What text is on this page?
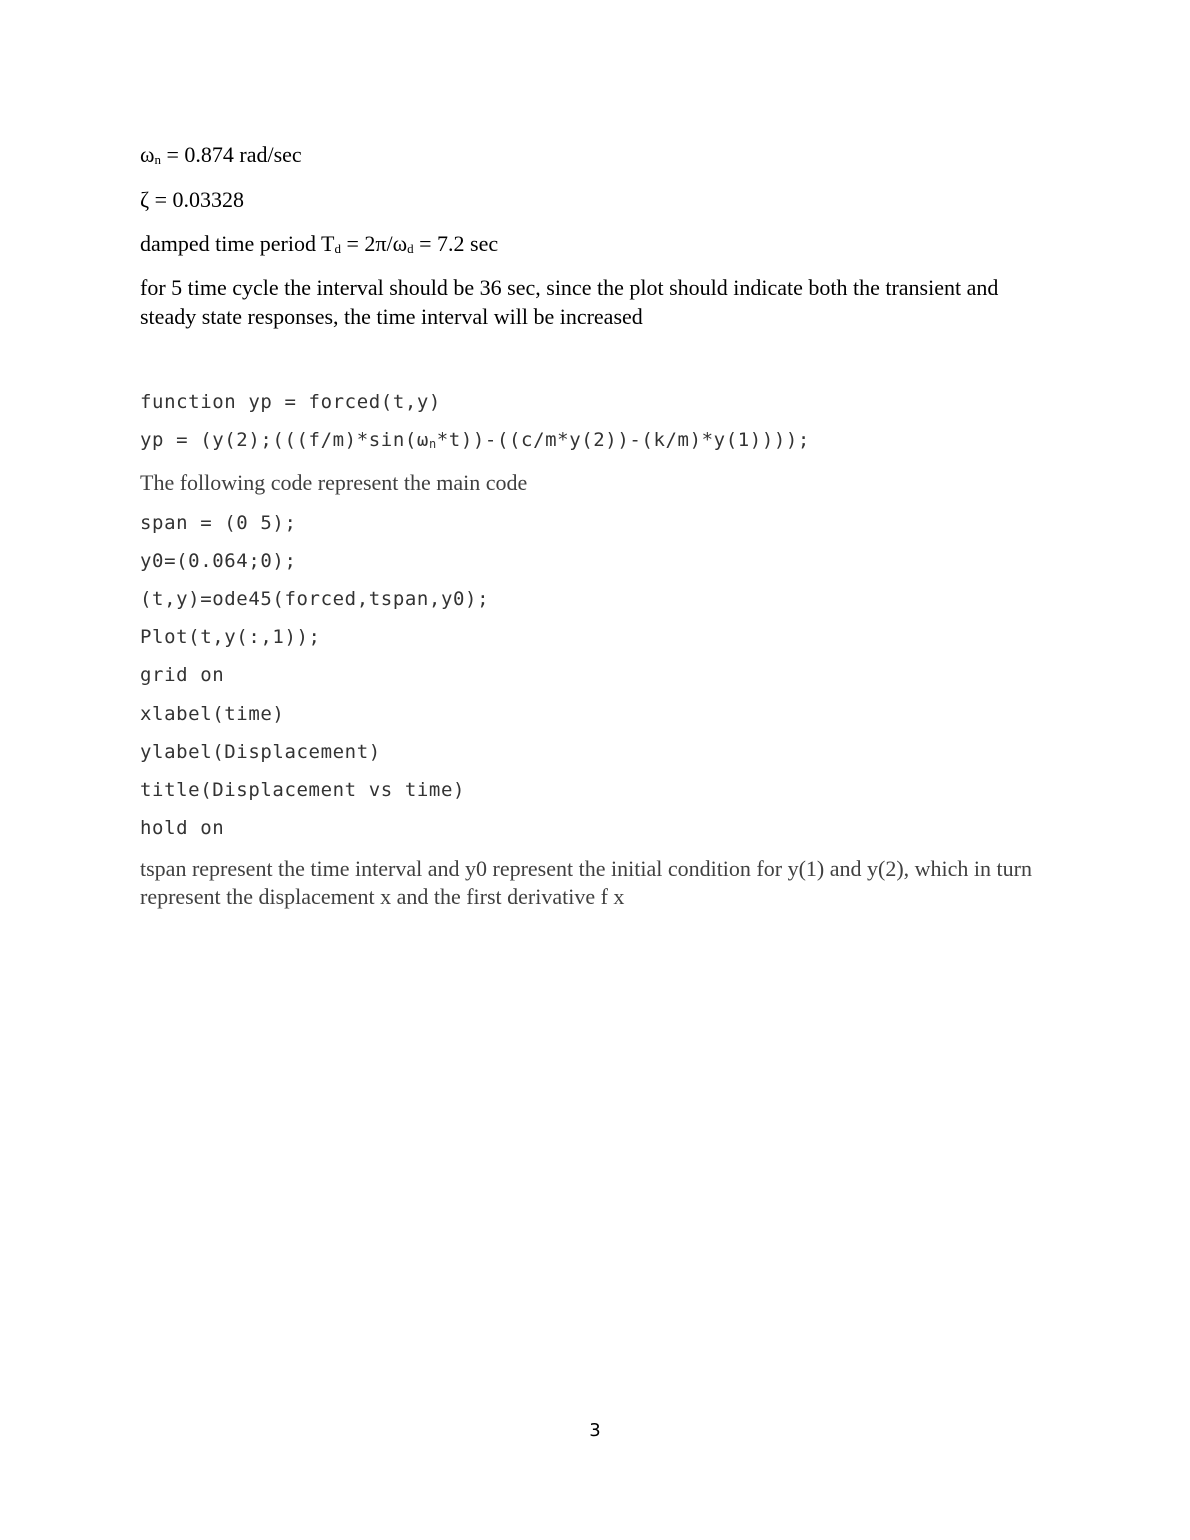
$\omega_n = 0.874$ rad/sec

ζ = 0.03328

damped time period $T_d = 2\pi/\omega_d = 7.2$ sec

for 5 time cycle the interval should be 36 sec, since the plot should indicate both the transient and steady state responses, the time interval will be increased

function yp = forced(t,y)

yp = $(y(2);(((f/m)*\sin(\omega_n*t))-((c/m*y(2))-(k/m)*y(1))))$;

The following code represent the main code

span = (0 5);

y0=(0.064;0);

(t,y)=ode45(forced,tspan,y0);

Plot(t,y(:,1));

grid on

xlabel(time)

ylabel(Displacement)

title(Displacement vs time)

hold on

tspan represent the time interval and y0 represent the initial condition for y(1) and y(2), which in turn represent the displacement x and the first derivative f x

3
